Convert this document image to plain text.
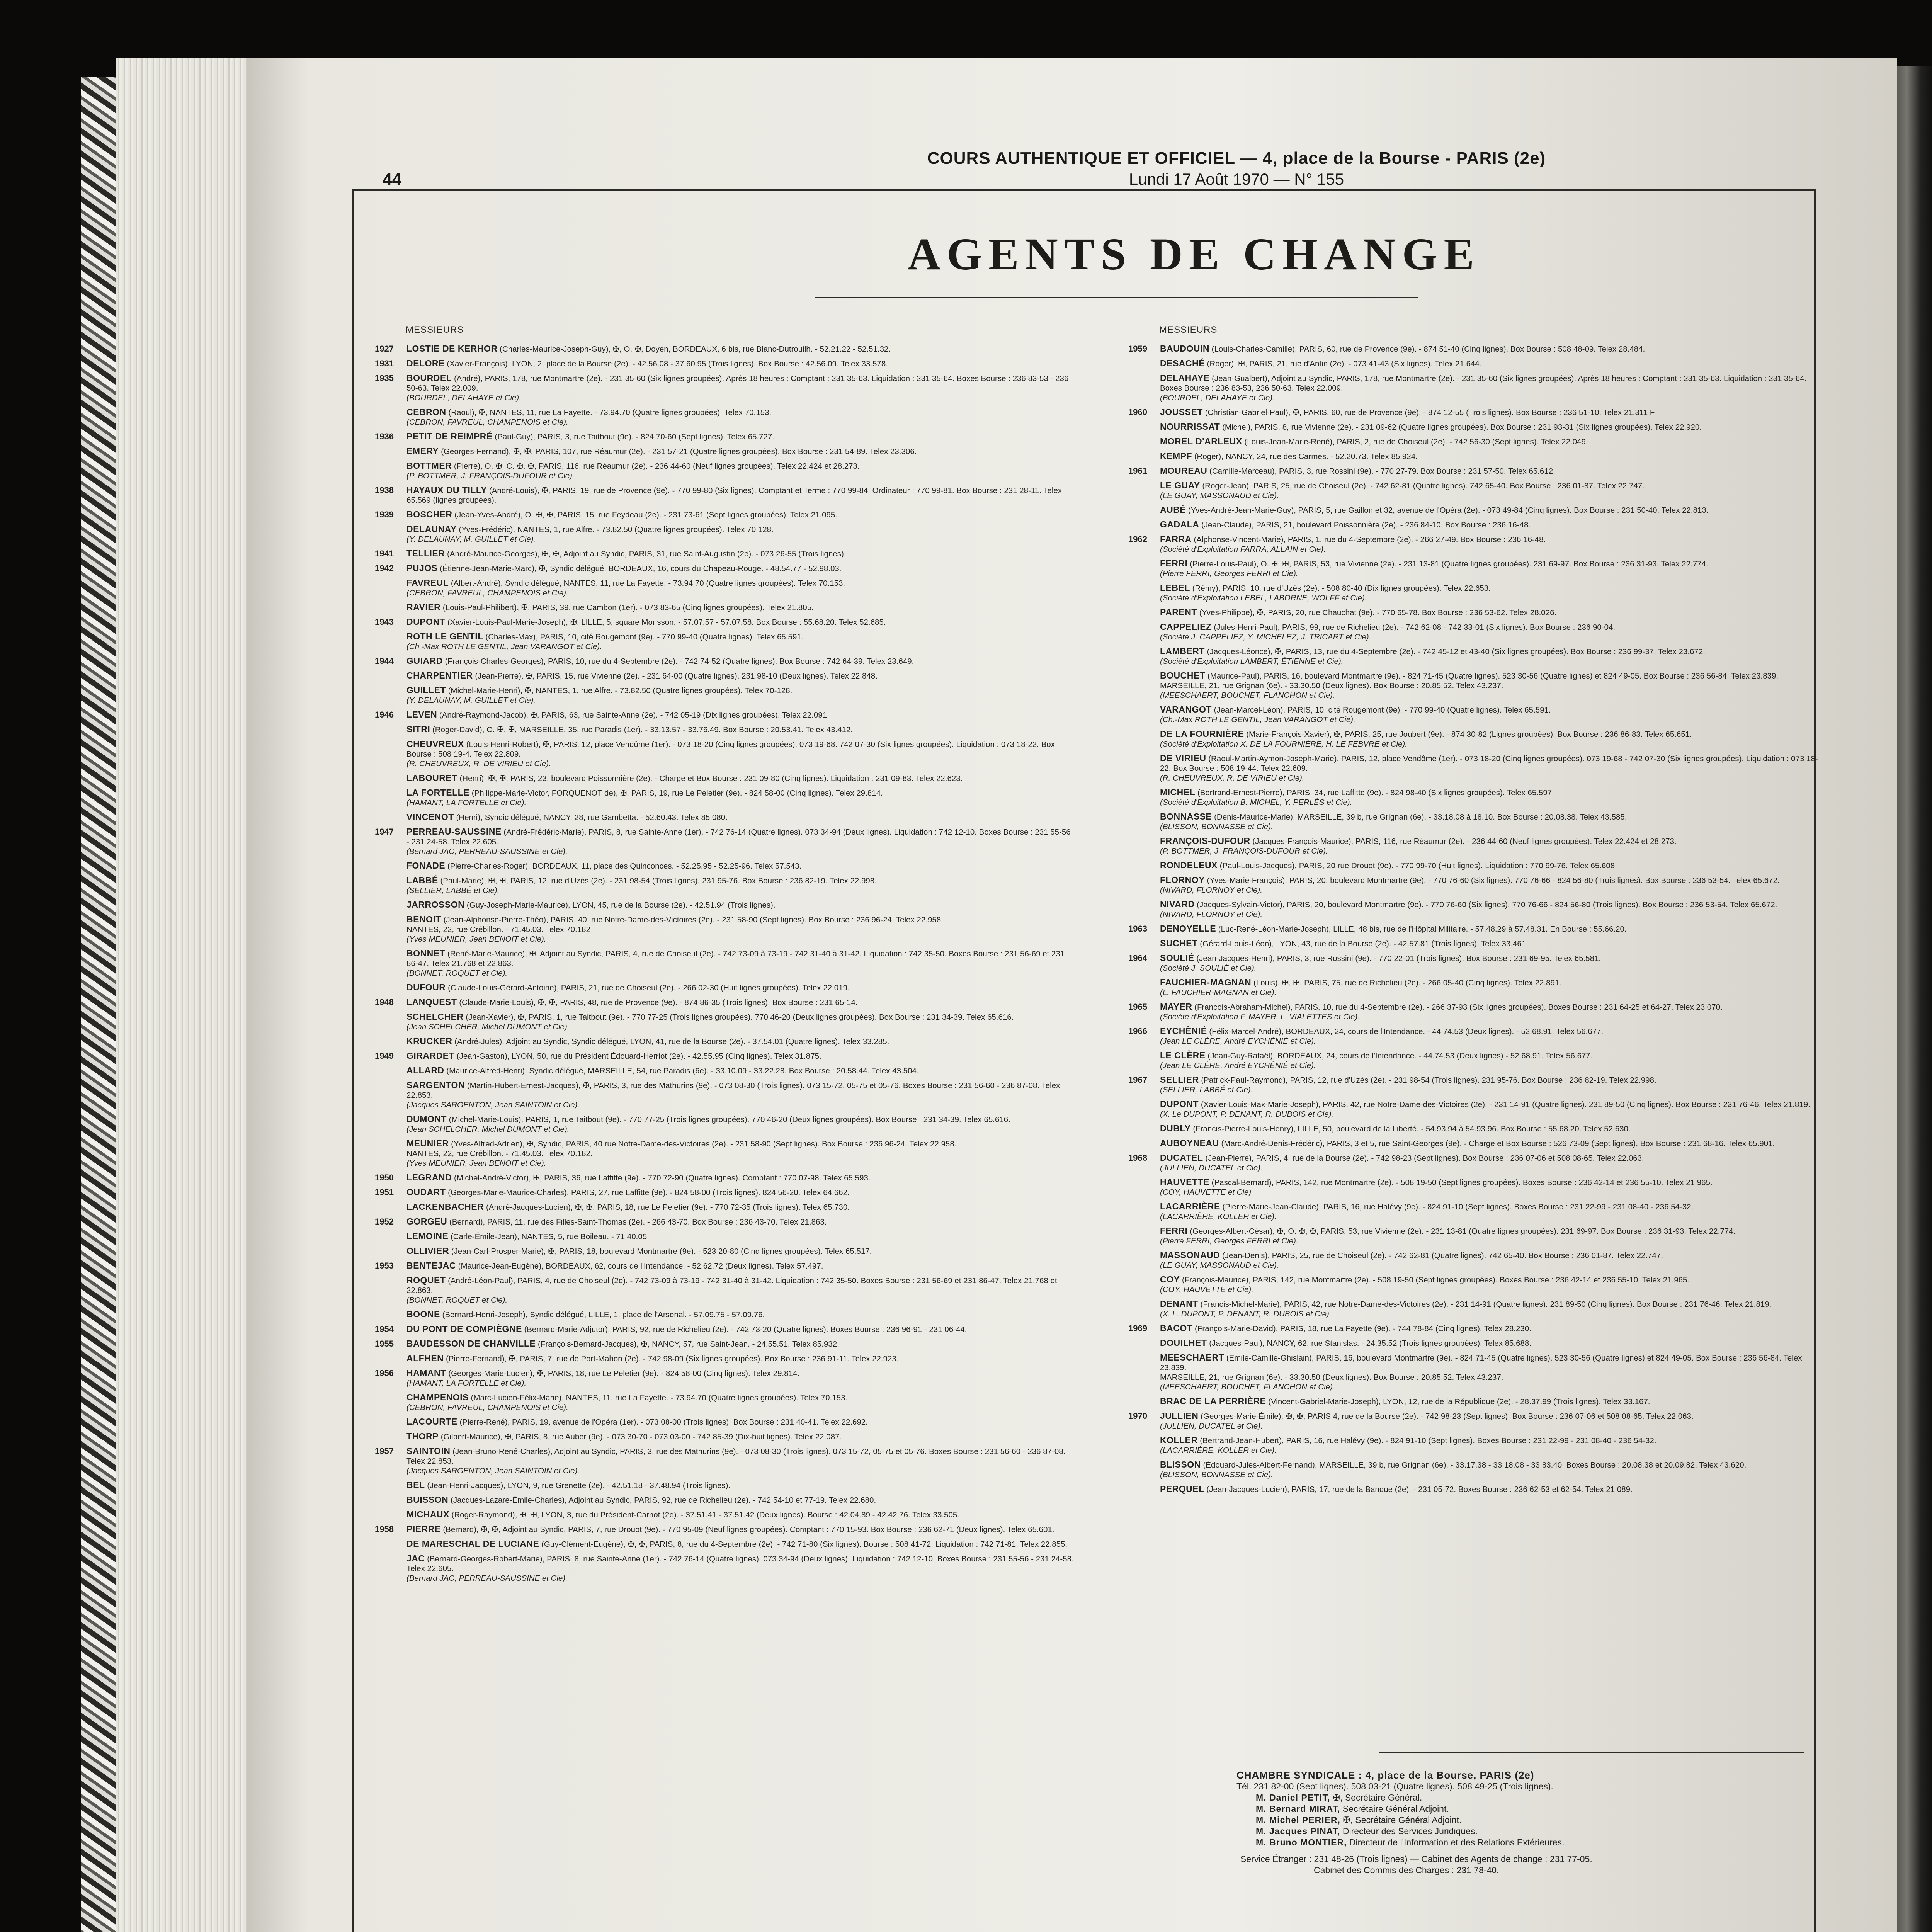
44
COURS AUTHENTIQUE ET OFFICIEL — 4, place de la Bourse - PARIS (2e)
Lundi 17 Août 1970 — N° 155
AGENTS DE CHANGE
MESSIEURS	MESSIEURS
1927	LOSTIE DE KERHOR (Charles-Maurice-Joseph-Guy), ✠, O. ✠, Doyen, BORDEAUX, 6 bis, rue Blanc-Dutrouilh. - 52.21.22 - 52.51.32.
1931	DELORE (Xavier-François), LYON, 2, place de la Bourse (2e). - 42.56.08 - 37.60.95 (Trois lignes). Box Bourse : 42.56.09. Telex 33.578.
1935	BOURDEL (André), PARIS, 178, rue Montmartre (2e). - 231 35-60 (Six lignes groupées). Après 18 heures : Comptant : 231 35-63. Liquidation : 231 35-64. Boxes Bourse : 236 83-53 - 236 50-63. Telex 22.009.
(BOURDEL, DELAHAYE et Cie).
CEBRON (Raoul), ✠, NANTES, 11, rue La Fayette. - 73.94.70 (Quatre lignes groupées). Telex 70.153.
(CEBRON, FAVREUL, CHAMPENOIS et Cie).
1936	PETIT DE REIMPRÉ (Paul-Guy), PARIS, 3, rue Taitbout (9e). - 824 70-60 (Sept lignes). Telex 65.727.
EMERY (Georges-Fernand), ✠, ✠, PARIS, 107, rue Réaumur (2e). - 231 57-21 (Quatre lignes groupées). Box Bourse : 231 54-89. Telex 23.306.
BOTTMER (Pierre), O. ✠, C. ✠, ✠, PARIS, 116, rue Réaumur (2e). - 236 44-60 (Neuf lignes groupées). Telex 22.424 et 28.273.
(P. BOTTMER, J. FRANÇOIS-DUFOUR et Cie).
1938	HAYAUX DU TILLY (André-Louis), ✠, PARIS, 19, rue de Provence (9e). - 770 99-80 (Six lignes). Comptant et Terme : 770 99-84. Ordinateur : 770 99-81. Box Bourse : 231 28-11. Telex 65.569 (lignes groupées).
1939	BOSCHER (Jean-Yves-André), O. ✠, ✠, PARIS, 15, rue Feydeau (2e). - 231 73-61 (Sept lignes groupées). Telex 21.095.
DELAUNAY (Yves-Frédéric), NANTES, 1, rue Alfre. - 73.82.50 (Quatre lignes groupées). Telex 70.128.
(Y. DELAUNAY, M. GUILLET et Cie).
1941	TELLIER (André-Maurice-Georges), ✠, ✠, Adjoint au Syndic, PARIS, 31, rue Saint-Augustin (2e). - 073 26-55 (Trois lignes).
1942	PUJOS (Étienne-Jean-Marie-Marc), ✠, Syndic délégué, BORDEAUX, 16, cours du Chapeau-Rouge. - 48.54.77 - 52.98.03.
FAVREUL (Albert-André), Syndic délégué, NANTES, 11, rue La Fayette. - 73.94.70 (Quatre lignes groupées). Telex 70.153.
(CEBRON, FAVREUL, CHAMPENOIS et Cie).
RAVIER (Louis-Paul-Philibert), ✠, PARIS, 39, rue Cambon (1er). - 073 83-65 (Cinq lignes groupées). Telex 21.805.
1943	DUPONT (Xavier-Louis-Paul-Marie-Joseph), ✠, LILLE, 5, square Morisson. - 57.07.57 - 57.07.58. Box Bourse : 55.68.20. Telex 52.685.
ROTH LE GENTIL (Charles-Max), PARIS, 10, cité Rougemont (9e). - 770 99-40 (Quatre lignes). Telex 65.591.
(Ch.-Max ROTH LE GENTIL, Jean VARANGOT et Cie).
1944	GUIARD (François-Charles-Georges), PARIS, 10, rue du 4-Septembre (2e). - 742 74-52 (Quatre lignes). Box Bourse : 742 64-39. Telex 23.649.
CHARPENTIER (Jean-Pierre), ✠, PARIS, 15, rue Vivienne (2e). - 231 64-00 (Quatre lignes). 231 98-10 (Deux lignes). Telex 22.848.
GUILLET (Michel-Marie-Henri), ✠, NANTES, 1, rue Alfre. - 73.82.50 (Quatre lignes groupées). Telex 70-128.
(Y. DELAUNAY, M. GUILLET et Cie).
1946	LEVEN (André-Raymond-Jacob), ✠, PARIS, 63, rue Sainte-Anne (2e). - 742 05-19 (Dix lignes groupées). Telex 22.091.
SITRI (Roger-David), O. ✠, ✠, MARSEILLE, 35, rue Paradis (1er). - 33.13.57 - 33.76.49. Box Bourse : 20.53.41. Telex 43.412.
CHEUVREUX (Louis-Henri-Robert), ✠, PARIS, 12, place Vendôme (1er). - 073 18-20 (Cinq lignes groupées). 073 19-68. 742 07-30 (Six lignes groupées). Liquidation : 073 18-22. Box Bourse : 508 19-4. Telex 22.809.
(R. CHEUVREUX, R. DE VIRIEU et Cie).
LABOURET (Henri), ✠, ✠, PARIS, 23, boulevard Poissonnière (2e). - Charge et Box Bourse : 231 09-80 (Cinq lignes). Liquidation : 231 09-83. Telex 22.623.
LA FORTELLE (Philippe-Marie-Victor, FORQUENOT de), ✠, PARIS, 19, rue Le Peletier (9e). - 824 58-00 (Cinq lignes). Telex 29.814.
(HAMANT, LA FORTELLE et Cie).
VINCENOT (Henri), Syndic délégué, NANCY, 28, rue Gambetta. - 52.60.43. Telex 85.080.
1947	PERREAU-SAUSSINE (André-Frédéric-Marie), PARIS, 8, rue Sainte-Anne (1er). - 742 76-14 (Quatre lignes). 073 34-94 (Deux lignes). Liquidation : 742 12-10. Boxes Bourse : 231 55-56 - 231 24-58. Telex 22.605.
(Bernard JAC, PERREAU-SAUSSINE et Cie).
FONADE (Pierre-Charles-Roger), BORDEAUX, 11, place des Quinconces. - 52.25.95 - 52.25-96. Telex 57.543.
LABBÉ (Paul-Marie), ✠, ✠, PARIS, 12, rue d'Uzès (2e). - 231 98-54 (Trois lignes). 231 95-76. Box Bourse : 236 82-19. Telex 22.998.
(SELLIER, LABBÉ et Cie).
JARROSSON (Guy-Joseph-Marie-Maurice), LYON, 45, rue de la Bourse (2e). - 42.51.94 (Trois lignes).
BENOIT (Jean-Alphonse-Pierre-Théo), PARIS, 40, rue Notre-Dame-des-Victoires (2e). - 231 58-90 (Sept lignes). Box Bourse : 236 96-24. Telex 22.958.
NANTES, 22, rue Crébillon. - 71.45.03. Telex 70.182
(Yves MEUNIER, Jean BENOIT et Cie).
BONNET (René-Marie-Maurice), ✠, Adjoint au Syndic, PARIS, 4, rue de Choiseul (2e). - 742 73-09 à 73-19 - 742 31-40 à 31-42. Liquidation : 742 35-50. Boxes Bourse : 231 56-69 et 231 86-47. Telex 21.768 et 22.863.
(BONNET, ROQUET et Cie).
DUFOUR (Claude-Louis-Gérard-Antoine), PARIS, 21, rue de Choiseul (2e). - 266 02-30 (Huit lignes groupées). Telex 22.019.
1948	LANQUEST (Claude-Marie-Louis), ✠, ✠, PARIS, 48, rue de Provence (9e). - 874 86-35 (Trois lignes). Box Bourse : 231 65-14.
SCHELCHER (Jean-Xavier), ✠, PARIS, 1, rue Taitbout (9e). - 770 77-25 (Trois lignes groupées). 770 46-20 (Deux lignes groupées). Box Bourse : 231 34-39. Telex 65.616.
(Jean SCHELCHER, Michel DUMONT et Cie).
KRUCKER (André-Jules), Adjoint au Syndic, Syndic délégué, LYON, 41, rue de la Bourse (2e). - 37.54.01 (Quatre lignes). Telex 33.285.
1949	GIRARDET (Jean-Gaston), LYON, 50, rue du Président Édouard-Herriot (2e). - 42.55.95 (Cinq lignes). Telex 31.875.
ALLARD (Maurice-Alfred-Henri), Syndic délégué, MARSEILLE, 54, rue Paradis (6e). - 33.10.09 - 33.22.28. Box Bourse : 20.58.44. Telex 43.504.
SARGENTON (Martin-Hubert-Ernest-Jacques), ✠, PARIS, 3, rue des Mathurins (9e). - 073 08-30 (Trois lignes). 073 15-72, 05-75 et 05-76. Boxes Bourse : 231 56-60 - 236 87-08. Telex 22.853.
(Jacques SARGENTON, Jean SAINTOIN et Cie).
DUMONT (Michel-Marie-Louis), PARIS, 1, rue Taitbout (9e). - 770 77-25 (Trois lignes groupées). 770 46-20 (Deux lignes groupées). Box Bourse : 231 34-39. Telex 65.616.
(Jean SCHELCHER, Michel DUMONT et Cie).
MEUNIER (Yves-Alfred-Adrien), ✠, Syndic, PARIS, 40 rue Notre-Dame-des-Victoires (2e). - 231 58-90 (Sept lignes). Box Bourse : 236 96-24. Telex 22.958.
NANTES, 22, rue Crébillon. - 71.45.03. Telex 70.182.
(Yves MEUNIER, Jean BENOIT et Cie).
1950	LEGRAND (Michel-André-Victor), ✠, PARIS, 36, rue Laffitte (9e). - 770 72-90 (Quatre lignes). Comptant : 770 07-98. Telex 65.593.
1951	OUDART (Georges-Marie-Maurice-Charles), PARIS, 27, rue Laffitte (9e). - 824 58-00 (Trois lignes). 824 56-20. Telex 64.662.
LACKENBACHER (André-Jacques-Lucien), ✠, ✠, PARIS, 18, rue Le Peletier (9e). - 770 72-35 (Trois lignes). Telex 65.730.
1952	GORGEU (Bernard), PARIS, 11, rue des Filles-Saint-Thomas (2e). - 266 43-70. Box Bourse : 236 43-70. Telex 21.863.
LEMOINE (Carle-Émile-Jean), NANTES, 5, rue Boileau. - 71.40.05.
OLLIVIER (Jean-Carl-Prosper-Marie), ✠, PARIS, 18, boulevard Montmartre (9e). - 523 20-80 (Cinq lignes groupées). Telex 65.517.
1953	BENTEJAC (Maurice-Jean-Eugène), BORDEAUX, 62, cours de l'Intendance. - 52.62.72 (Deux lignes). Telex 57.497.
ROQUET (André-Léon-Paul), PARIS, 4, rue de Choiseul (2e). - 742 73-09 à 73-19 - 742 31-40 à 31-42. Liquidation : 742 35-50. Boxes Bourse : 231 56-69 et 231 86-47. Telex 21.768 et 22.863.
(BONNET, ROQUET et Cie).
BOONE (Bernard-Henri-Joseph), Syndic délégué, LILLE, 1, place de l'Arsenal. - 57.09.75 - 57.09.76.
1954	DU PONT DE COMPIÈGNE (Bernard-Marie-Adjutor), PARIS, 92, rue de Richelieu (2e). - 742 73-20 (Quatre lignes). Boxes Bourse : 236 96-91 - 231 06-44.
1955	BAUDESSON DE CHANVILLE (François-Bernard-Jacques), ✠, NANCY, 57, rue Saint-Jean. - 24.55.51. Telex 85.932.
ALFHEN (Pierre-Fernand), ✠, PARIS, 7, rue de Port-Mahon (2e). - 742 98-09 (Six lignes groupées). Box Bourse : 236 91-11. Telex 22.923.
1956	HAMANT (Georges-Marie-Lucien), ✠, PARIS, 18, rue Le Peletier (9e). - 824 58-00 (Cinq lignes). Telex 29.814.
(HAMANT, LA FORTELLE et Cie).
CHAMPENOIS (Marc-Lucien-Félix-Marie), NANTES, 11, rue La Fayette. - 73.94.70 (Quatre lignes groupées). Telex 70.153.
(CEBRON, FAVREUL, CHAMPENOIS et Cie).
LACOURTE (Pierre-René), PARIS, 19, avenue de l'Opéra (1er). - 073 08-00 (Trois lignes). Box Bourse : 231 40-41. Telex 22.692.
THORP (Gilbert-Maurice), ✠, PARIS, 8, rue Auber (9e). - 073 30-70 - 073 03-00 - 742 85-39 (Dix-huit lignes). Telex 22.087.
1957	SAINTOIN (Jean-Bruno-René-Charles), Adjoint au Syndic, PARIS, 3, rue des Mathurins (9e). - 073 08-30 (Trois lignes). 073 15-72, 05-75 et 05-76. Boxes Bourse : 231 56-60 - 236 87-08. Telex 22.853.
(Jacques SARGENTON, Jean SAINTOIN et Cie).
BEL (Jean-Henri-Jacques), LYON, 9, rue Grenette (2e). - 42.51.18 - 37.48.94 (Trois lignes).
BUISSON (Jacques-Lazare-Émile-Charles), Adjoint au Syndic, PARIS, 92, rue de Richelieu (2e). - 742 54-10 et 77-19. Telex 22.680.
MICHAUX (Roger-Raymond), ✠, ✠, LYON, 3, rue du Président-Carnot (2e). - 37.51.41 - 37.51.42 (Deux lignes). Bourse : 42.04.89 - 42.42.76. Telex 33.505.
1958	PIERRE (Bernard), ✠, ✠, Adjoint au Syndic, PARIS, 7, rue Drouot (9e). - 770 95-09 (Neuf lignes groupées). Comptant : 770 15-93. Box Bourse : 236 62-71 (Deux lignes). Telex 65.601.
DE MARESCHAL DE LUCIANE (Guy-Clément-Eugène), ✠, ✠, PARIS, 8, rue du 4-Septembre (2e). - 742 71-80 (Six lignes). Bourse : 508 41-72. Liquidation : 742 71-81. Telex 22.855.
JAC (Bernard-Georges-Robert-Marie), PARIS, 8, rue Sainte-Anne (1er). - 742 76-14 (Quatre lignes). 073 34-94 (Deux lignes). Liquidation : 742 12-10. Boxes Bourse : 231 55-56 - 231 24-58. Telex 22.605.
(Bernard JAC, PERREAU-SAUSSINE et Cie).
1959	BAUDOUIN (Louis-Charles-Camille), PARIS, 60, rue de Provence (9e). - 874 51-40 (Cinq lignes). Box Bourse : 508 48-09. Telex 28.484.
DESACHÉ (Roger), ✠, PARIS, 21, rue d'Antin (2e). - 073 41-43 (Six lignes). Telex 21.644.
DELAHAYE (Jean-Gualbert), Adjoint au Syndic, PARIS, 178, rue Montmartre (2e). - 231 35-60 (Six lignes groupées). Après 18 heures : Comptant : 231 35-63. Liquidation : 231 35-64. Boxes Bourse : 236 83-53, 236 50-63. Telex 22.009.
(BOURDEL, DELAHAYE et Cie).
1960	JOUSSET (Christian-Gabriel-Paul), ✠, PARIS, 60, rue de Provence (9e). - 874 12-55 (Trois lignes). Box Bourse : 236 51-10. Telex 21.311 F.
NOURRISSAT (Michel), PARIS, 8, rue Vivienne (2e). - 231 09-62 (Quatre lignes groupées). Box Bourse : 231 93-31 (Six lignes groupées). Telex 22.920.
MOREL D'ARLEUX (Louis-Jean-Marie-René), PARIS, 2, rue de Choiseul (2e). - 742 56-30 (Sept lignes). Telex 22.049.
KEMPF (Roger), NANCY, 24, rue des Carmes. - 52.20.73. Telex 85.924.
1961	MOUREAU (Camille-Marceau), PARIS, 3, rue Rossini (9e). - 770 27-79. Box Bourse : 231 57-50. Telex 65.612.
LE GUAY (Roger-Jean), PARIS, 25, rue de Choiseul (2e). - 742 62-81 (Quatre lignes). 742 65-40. Box Bourse : 236 01-87. Telex 22.747.
(LE GUAY, MASSONAUD et Cie).
AUBÉ (Yves-André-Jean-Marie-Guy), PARIS, 5, rue Gaillon et 32, avenue de l'Opéra (2e). - 073 49-84 (Cinq lignes). Box Bourse : 231 50-40. Telex 22.813.
GADALA (Jean-Claude), PARIS, 21, boulevard Poissonnière (2e). - 236 84-10. Box Bourse : 236 16-48.
1962	FARRA (Alphonse-Vincent-Marie), PARIS, 1, rue du 4-Septembre (2e). - 266 27-49. Box Bourse : 236 16-48.
(Société d'Exploitation FARRA, ALLAIN et Cie).
FERRI (Pierre-Louis-Paul), O. ✠, ✠, PARIS, 53, rue Vivienne (2e). - 231 13-81 (Quatre lignes groupées). 231 69-97. Box Bourse : 236 31-93. Telex 22.774.
(Pierre FERRI, Georges FERRI et Cie).
LEBEL (Rémy), PARIS, 10, rue d'Uzès (2e). - 508 80-40 (Dix lignes groupées). Telex 22.653.
(Société d'Exploitation LEBEL, LABORNE, WOLFF et Cie).
PARENT (Yves-Philippe), ✠, PARIS, 20, rue Chauchat (9e). - 770 65-78. Box Bourse : 236 53-62. Telex 28.026.
CAPPELIEZ (Jules-Henri-Paul), PARIS, 99, rue de Richelieu (2e). - 742 62-08 - 742 33-01 (Six lignes). Box Bourse : 236 90-04.
(Société J. CAPPELIEZ, Y. MICHELEZ, J. TRICART et Cie).
LAMBERT (Jacques-Léonce), ✠, PARIS, 13, rue du 4-Septembre (2e). - 742 45-12 et 43-40 (Six lignes groupées). Box Bourse : 236 99-37. Telex 23.672.
(Société d'Exploitation LAMBERT, ÉTIENNE et Cie).
BOUCHET (Maurice-Paul), PARIS, 16, boulevard Montmartre (9e). - 824 71-45 (Quatre lignes). 523 30-56 (Quatre lignes) et 824 49-05. Box Bourse : 236 56-84. Telex 23.839.
MARSEILLE, 21, rue Grignan (6e). - 33.30.50 (Deux lignes). Box Bourse : 20.85.52. Telex 43.237.
(MEESCHAERT, BOUCHET, FLANCHON et Cie).
VARANGOT (Jean-Marcel-Léon), PARIS, 10, cité Rougemont (9e). - 770 99-40 (Quatre lignes). Telex 65.591.
(Ch.-Max ROTH LE GENTIL, Jean VARANGOT et Cie).
DE LA FOURNIÈRE (Marie-François-Xavier), ✠, PARIS, 25, rue Joubert (9e). - 874 30-82 (Lignes groupées). Box Bourse : 236 86-83. Telex 65.651.
(Société d'Exploitation X. DE LA FOURNIÈRE, H. LE FEBVRE et Cie).
DE VIRIEU (Raoul-Martin-Aymon-Joseph-Marie), PARIS, 12, place Vendôme (1er). - 073 18-20 (Cinq lignes groupées). 073 19-68 - 742 07-30 (Six lignes groupées). Liquidation : 073 18-22. Box Bourse : 508 19-44. Telex 22.609.
(R. CHEUVREUX, R. DE VIRIEU et Cie).
MICHEL (Bertrand-Ernest-Pierre), PARIS, 34, rue Laffitte (9e). - 824 98-40 (Six lignes groupées). Telex 65.597.
(Société d'Exploitation B. MICHEL, Y. PERLÈS et Cie).
BONNASSE (Denis-Maurice-Marie), MARSEILLE, 39 b, rue Grignan (6e). - 33.18.08 à 18.10. Box Bourse : 20.08.38. Telex 43.585.
(BLISSON, BONNASSE et Cie).
FRANÇOIS-DUFOUR (Jacques-François-Maurice), PARIS, 116, rue Réaumur (2e). - 236 44-60 (Neuf lignes groupées). Telex 22.424 et 28.273.
(P. BOTTMER, J. FRANÇOIS-DUFOUR et Cie).
RONDELEUX (Paul-Louis-Jacques), PARIS, 20 rue Drouot (9e). - 770 99-70 (Huit lignes). Liquidation : 770 99-76. Telex 65.608.
FLORNOY (Yves-Marie-François), PARIS, 20, boulevard Montmartre (9e). - 770 76-60 (Six lignes). 770 76-66 - 824 56-80 (Trois lignes). Box Bourse : 236 53-54. Telex 65.672.
(NIVARD, FLORNOY et Cie).
NIVARD (Jacques-Sylvain-Victor), PARIS, 20, boulevard Montmartre (9e). - 770 76-60 (Six lignes). 770 76-66 - 824 56-80 (Trois lignes). Box Bourse : 236 53-54. Telex 65.672.
(NIVARD, FLORNOY et Cie).
1963	DENOYELLE (Luc-René-Léon-Marie-Joseph), LILLE, 48 bis, rue de l'Hôpital Militaire. - 57.48.29 à 57.48.31. En Bourse : 55.66.20.
SUCHET (Gérard-Louis-Léon), LYON, 43, rue de la Bourse (2e). - 42.57.81 (Trois lignes). Telex 33.461.
1964	SOULIÉ (Jean-Jacques-Henri), PARIS, 3, rue Rossini (9e). - 770 22-01 (Trois lignes). Box Bourse : 231 69-95. Telex 65.581.
(Société J. SOULIÉ et Cie).
FAUCHIER-MAGNAN (Louis), ✠, ✠, PARIS, 75, rue de Richelieu (2e). - 266 05-40 (Cinq lignes). Telex 22.891.
(L. FAUCHIER-MAGNAN et Cie).
1965	MAYER (François-Abraham-Michel), PARIS, 10, rue du 4-Septembre (2e). - 266 37-93 (Six lignes groupées). Boxes Bourse : 231 64-25 et 64-27. Telex 23.070.
(Société d'Exploitation F. MAYER, L. VIALETTES et Cie).
1966	EYCHÈNIÉ (Félix-Marcel-André), BORDEAUX, 24, cours de l'Intendance. - 44.74.53 (Deux lignes). - 52.68.91. Telex 56.677.
(Jean LE CLÈRE, André EYCHÈNIÉ et Cie).
LE CLÈRE (Jean-Guy-Rafaël), BORDEAUX, 24, cours de l'Intendance. - 44.74.53 (Deux lignes) - 52.68.91. Telex 56.677.
(Jean LE CLÈRE, André EYCHÈNIÉ et Cie).
1967	SELLIER (Patrick-Paul-Raymond), PARIS, 12, rue d'Uzès (2e). - 231 98-54 (Trois lignes). 231 95-76. Box Bourse : 236 82-19. Telex 22.998.
(SELLIER, LABBÉ et Cie).
DUPONT (Xavier-Louis-Max-Marie-Joseph), PARIS, 42, rue Notre-Dame-des-Victoires (2e). - 231 14-91 (Quatre lignes). 231 89-50 (Cinq lignes). Box Bourse : 231 76-46. Telex 21.819.
(X. Le DUPONT, P. DENANT, R. DUBOIS et Cie).
DUBLY (Francis-Pierre-Louis-Henry), LILLE, 50, boulevard de la Liberté. - 54.93.94 à 54.93.96. Box Bourse : 55.68.20. Telex 52.630.
AUBOYNEAU (Marc-André-Denis-Frédéric), PARIS, 3 et 5, rue Saint-Georges (9e). - Charge et Box Bourse : 526 73-09 (Sept lignes). Box Bourse : 231 68-16. Telex 65.901.
1968	DUCATEL (Jean-Pierre), PARIS, 4, rue de la Bourse (2e). - 742 98-23 (Sept lignes). Box Bourse : 236 07-06 et 508 08-65. Telex 22.063.
(JULLIEN, DUCATEL et Cie).
HAUVETTE (Pascal-Bernard), PARIS, 142, rue Montmartre (2e). - 508 19-50 (Sept lignes groupées). Boxes Bourse : 236 42-14 et 236 55-10. Telex 21.965.
(COY, HAUVETTE et Cie).
LACARRIÈRE (Pierre-Marie-Jean-Claude), PARIS, 16, rue Halévy (9e). - 824 91-10 (Sept lignes). Boxes Bourse : 231 22-99 - 231 08-40 - 236 54-32.
(LACARRIÈRE, KOLLER et Cie).
FERRI (Georges-Albert-César), ✠, O. ✠, ✠, PARIS, 53, rue Vivienne (2e). - 231 13-81 (Quatre lignes groupées). 231 69-97. Box Bourse : 236 31-93. Telex 22.774.
(Pierre FERRI, Georges FERRI et Cie).
MASSONAUD (Jean-Denis), PARIS, 25, rue de Choiseul (2e). - 742 62-81 (Quatre lignes). 742 65-40. Box Bourse : 236 01-87. Telex 22.747.
(LE GUAY, MASSONAUD et Cie).
COY (François-Maurice), PARIS, 142, rue Montmartre (2e). - 508 19-50 (Sept lignes groupées). Boxes Bourse : 236 42-14 et 236 55-10. Telex 21.965.
(COY, HAUVETTE et Cie).
DENANT (Francis-Michel-Marie), PARIS, 42, rue Notre-Dame-des-Victoires (2e). - 231 14-91 (Quatre lignes). 231 89-50 (Cinq lignes). Box Bourse : 231 76-46. Telex 21.819.
(X. L. DUPONT, P. DENANT, R. DUBOIS et Cie).
1969	BACOT (François-Marie-David), PARIS, 18, rue La Fayette (9e). - 744 78-84 (Cinq lignes). Telex 28.230.
DOUILHET (Jacques-Paul), NANCY, 62, rue Stanislas. - 24.35.52 (Trois lignes groupées). Telex 85.688.
MEESCHAERT (Emile-Camille-Ghislain), PARIS, 16, boulevard Montmartre (9e). - 824 71-45 (Quatre lignes). 523 30-56 (Quatre lignes) et 824 49-05. Box Bourse : 236 56-84. Telex 23.839.
MARSEILLE, 21, rue Grignan (6e). - 33.30.50 (Deux lignes). Box Bourse : 20.85.52. Telex 43.237.
(MEESCHAERT, BOUCHET, FLANCHON et Cie).
BRAC DE LA PERRIÈRE (Vincent-Gabriel-Marie-Joseph), LYON, 12, rue de la République (2e). - 28.37.99 (Trois lignes). Telex 33.167.
1970	JULLIEN (Georges-Marie-Émile), ✠, ✠, PARIS 4, rue de la Bourse (2e). - 742 98-23 (Sept lignes). Box Bourse : 236 07-06 et 508 08-65. Telex 22.063.
(JULLIEN, DUCATEL et Cie).
KOLLER (Bertrand-Jean-Hubert), PARIS, 16, rue Halévy (9e). - 824 91-10 (Sept lignes). Boxes Bourse : 231 22-99 - 231 08-40 - 236 54-32.
(LACARRIÈRE, KOLLER et Cie).
BLISSON (Édouard-Jules-Albert-Fernand), MARSEILLE, 39 b, rue Grignan (6e). - 33.17.38 - 33.18.08 - 33.83.40. Boxes Bourse : 20.08.38 et 20.09.82. Telex 43.620.
(BLISSON, BONNASSE et Cie).
PERQUEL (Jean-Jacques-Lucien), PARIS, 17, rue de la Banque (2e). - 231 05-72. Boxes Bourse : 236 62-53 et 62-54. Telex 21.089.
CHAMBRE SYNDICALE : 4, place de la Bourse, PARIS (2e)
Tél. 231 82-00 (Sept lignes). 508 03-21 (Quatre lignes). 508 49-25 (Trois lignes).
M. Daniel PETIT, ✠, Secrétaire Général.
M. Bernard MIRAT, Secrétaire Général Adjoint.
M. Michel PERIER, ✠, Secrétaire Général Adjoint.
M. Jacques PINAT, Directeur des Services Juridiques.
M. Bruno MONTIER, Directeur de l'Information et des Relations Extérieures.
Service Étranger : 231 48-26 (Trois lignes) — Cabinet des Agents de change : 231 77-05.
Cabinet des Commis des Charges : 231 78-40.
